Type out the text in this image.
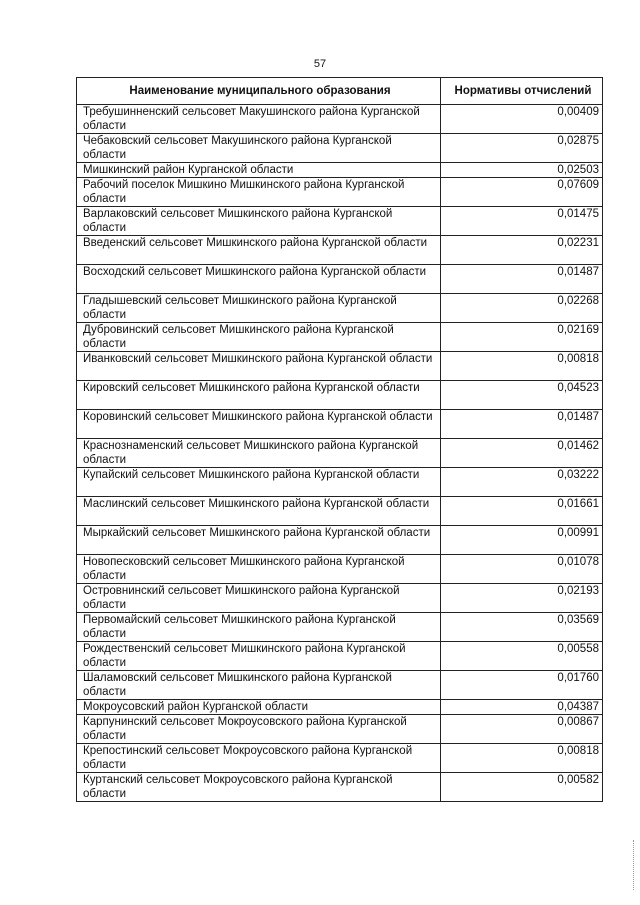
57
Наименование муниципального образования	Нормативы отчислений
Требушинненский сельсовет Макушинского района Курганской области	0,00409
Чебаковский сельсовет Макушинского района Курганской области	0,02875
Мишкинский район Курганской области	0,02503
Рабочий поселок Мишкино Мишкинского района Курганской области	0,07609
Варлаковский сельсовет Мишкинского района Курганской области	0,01475
Введенский сельсовет Мишкинского района Курганской области	0,02231
Восходский сельсовет Мишкинского района Курганской области	0,01487
Гладышевский сельсовет Мишкинского района Курганской области	0,02268
Дубровинский сельсовет Мишкинского района Курганской области	0,02169
Иванковский сельсовет Мишкинского района Курганской области	0,00818
Кировский сельсовет Мишкинского района Курганской области	0,04523
Коровинский сельсовет Мишкинского района Курганской области	0,01487
Краснознаменский сельсовет Мишкинского района Курганской области	0,01462
Купайский сельсовет Мишкинского района Курганской области	0,03222
Маслинский сельсовет Мишкинского района Курганской области	0,01661
Мыркайский сельсовет Мишкинского района Курганской области	0,00991
Новопесковский сельсовет Мишкинского района Курганской области	0,01078
Островнинский сельсовет Мишкинского района Курганской области	0,02193
Первомайский сельсовет Мишкинского района Курганской области	0,03569
Рождественский сельсовет Мишкинского района Курганской области	0,00558
Шаламовский сельсовет Мишкинского района Курганской области	0,01760
Мокроусовский район Курганской области	0,04387
Карпунинский сельсовет Мокроусовского района Курганской области	0,00867
Крепостинский сельсовет Мокроусовского района Курганской области	0,00818
Куртанский сельсовет Мокроусовского района Курганской области	0,00582
